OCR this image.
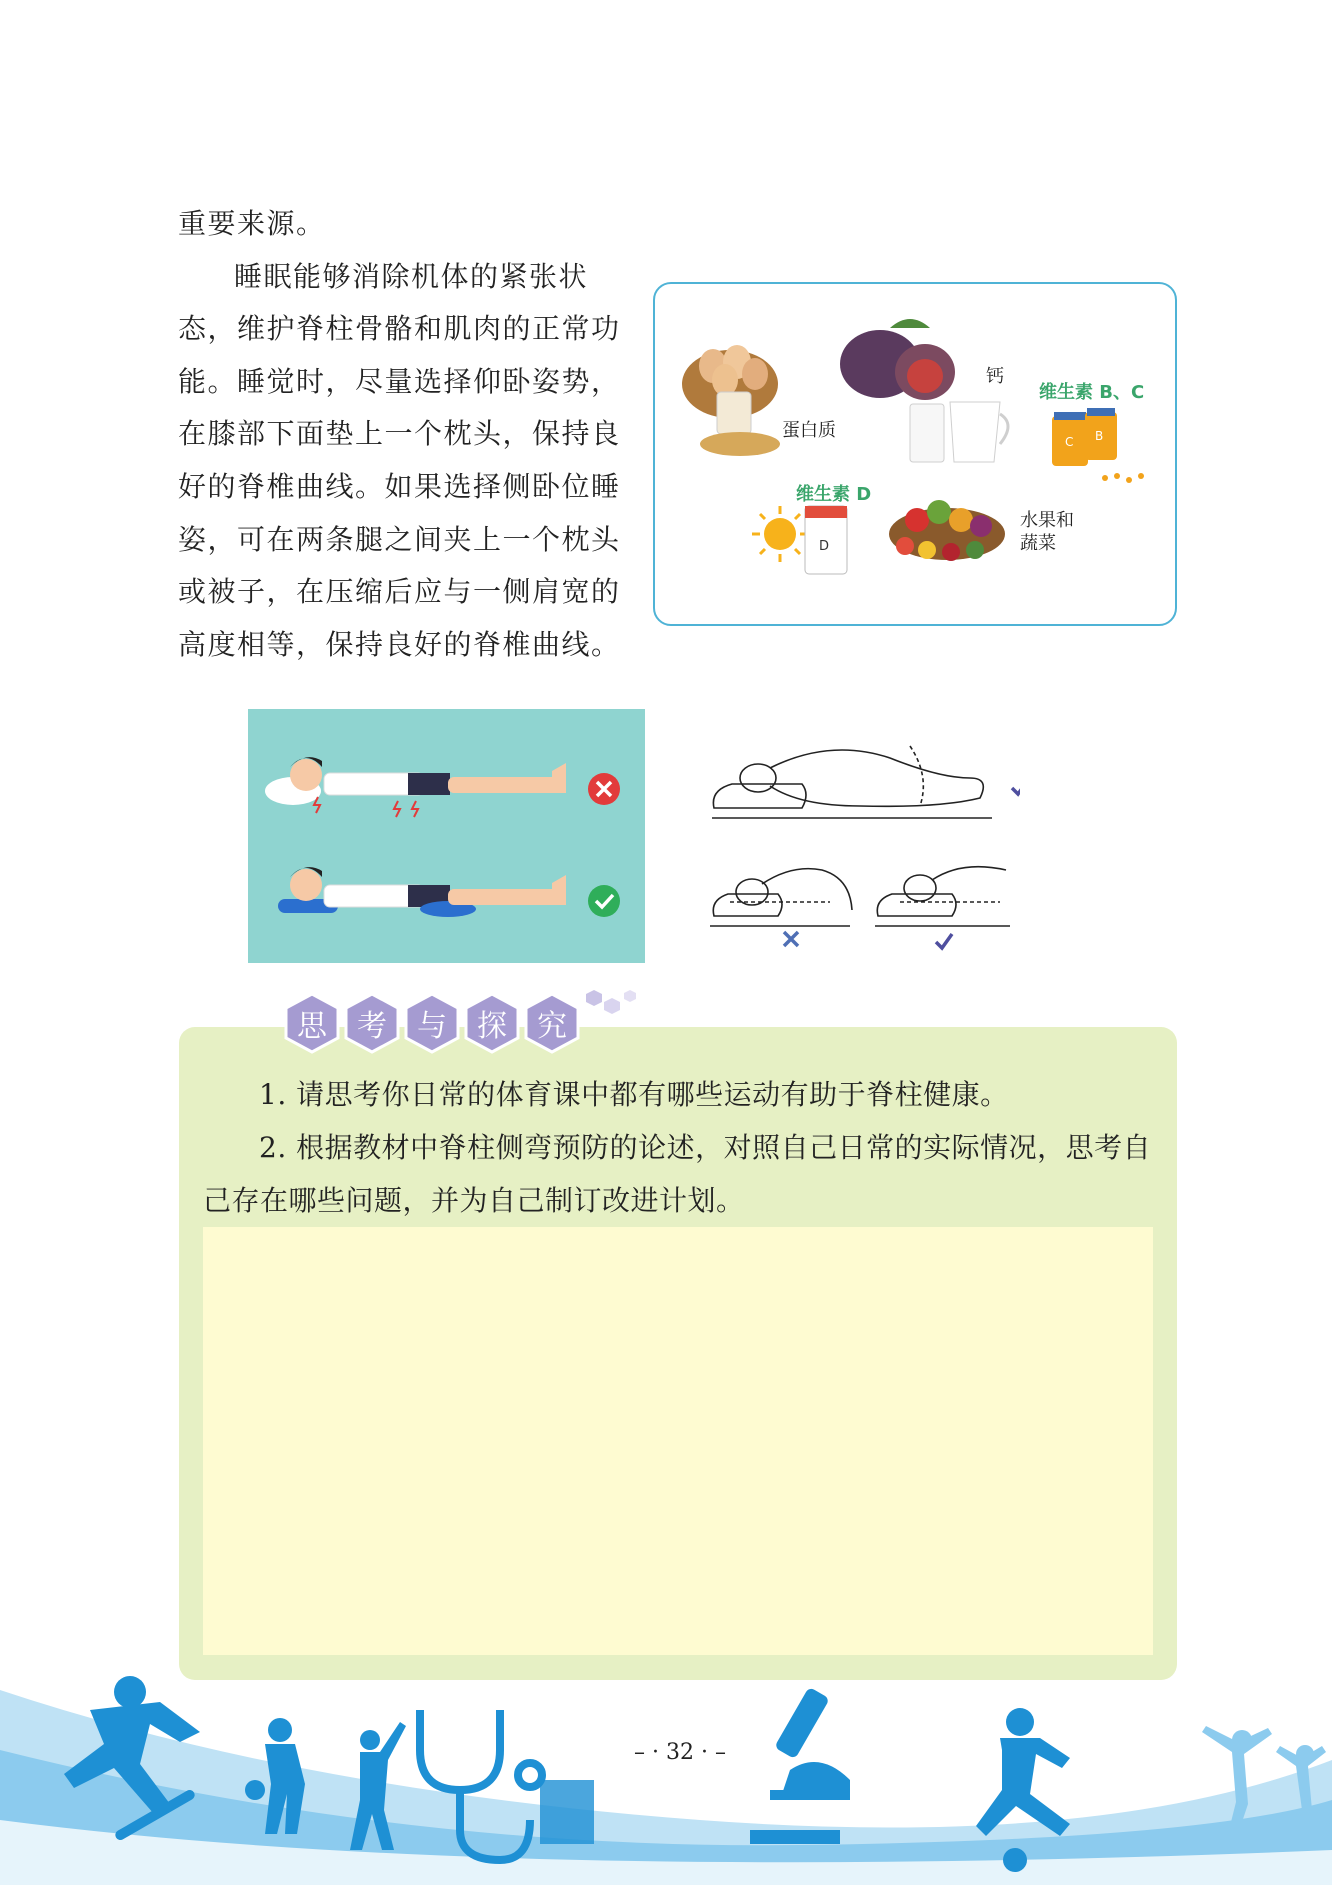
重要来源。

睡眠能够消除机体的紧张状态，维护脊柱骨骼和肌肉的正常功能。睡觉时，尽量选择仰卧姿势，在膝部下面垫上一个枕头，保持良好的脊椎曲线。如果选择侧卧位睡姿，可在两条腿之间夹上一个枕头或被子，在压缩后应与一侧肩宽的高度相等，保持良好的脊椎曲线。

C B
D
蛋白质
钙
维生素 B、C
维生素 D
水果和
蔬菜
思 考 与 探 究

1. 请思考你日常的体育课中都有哪些运动有助于脊柱健康。

2. 根据教材中脊柱侧弯预防的论述，对照自己日常的实际情况，思考自己存在哪些问题，并为自己制订改进计划。

– · 32 · –
